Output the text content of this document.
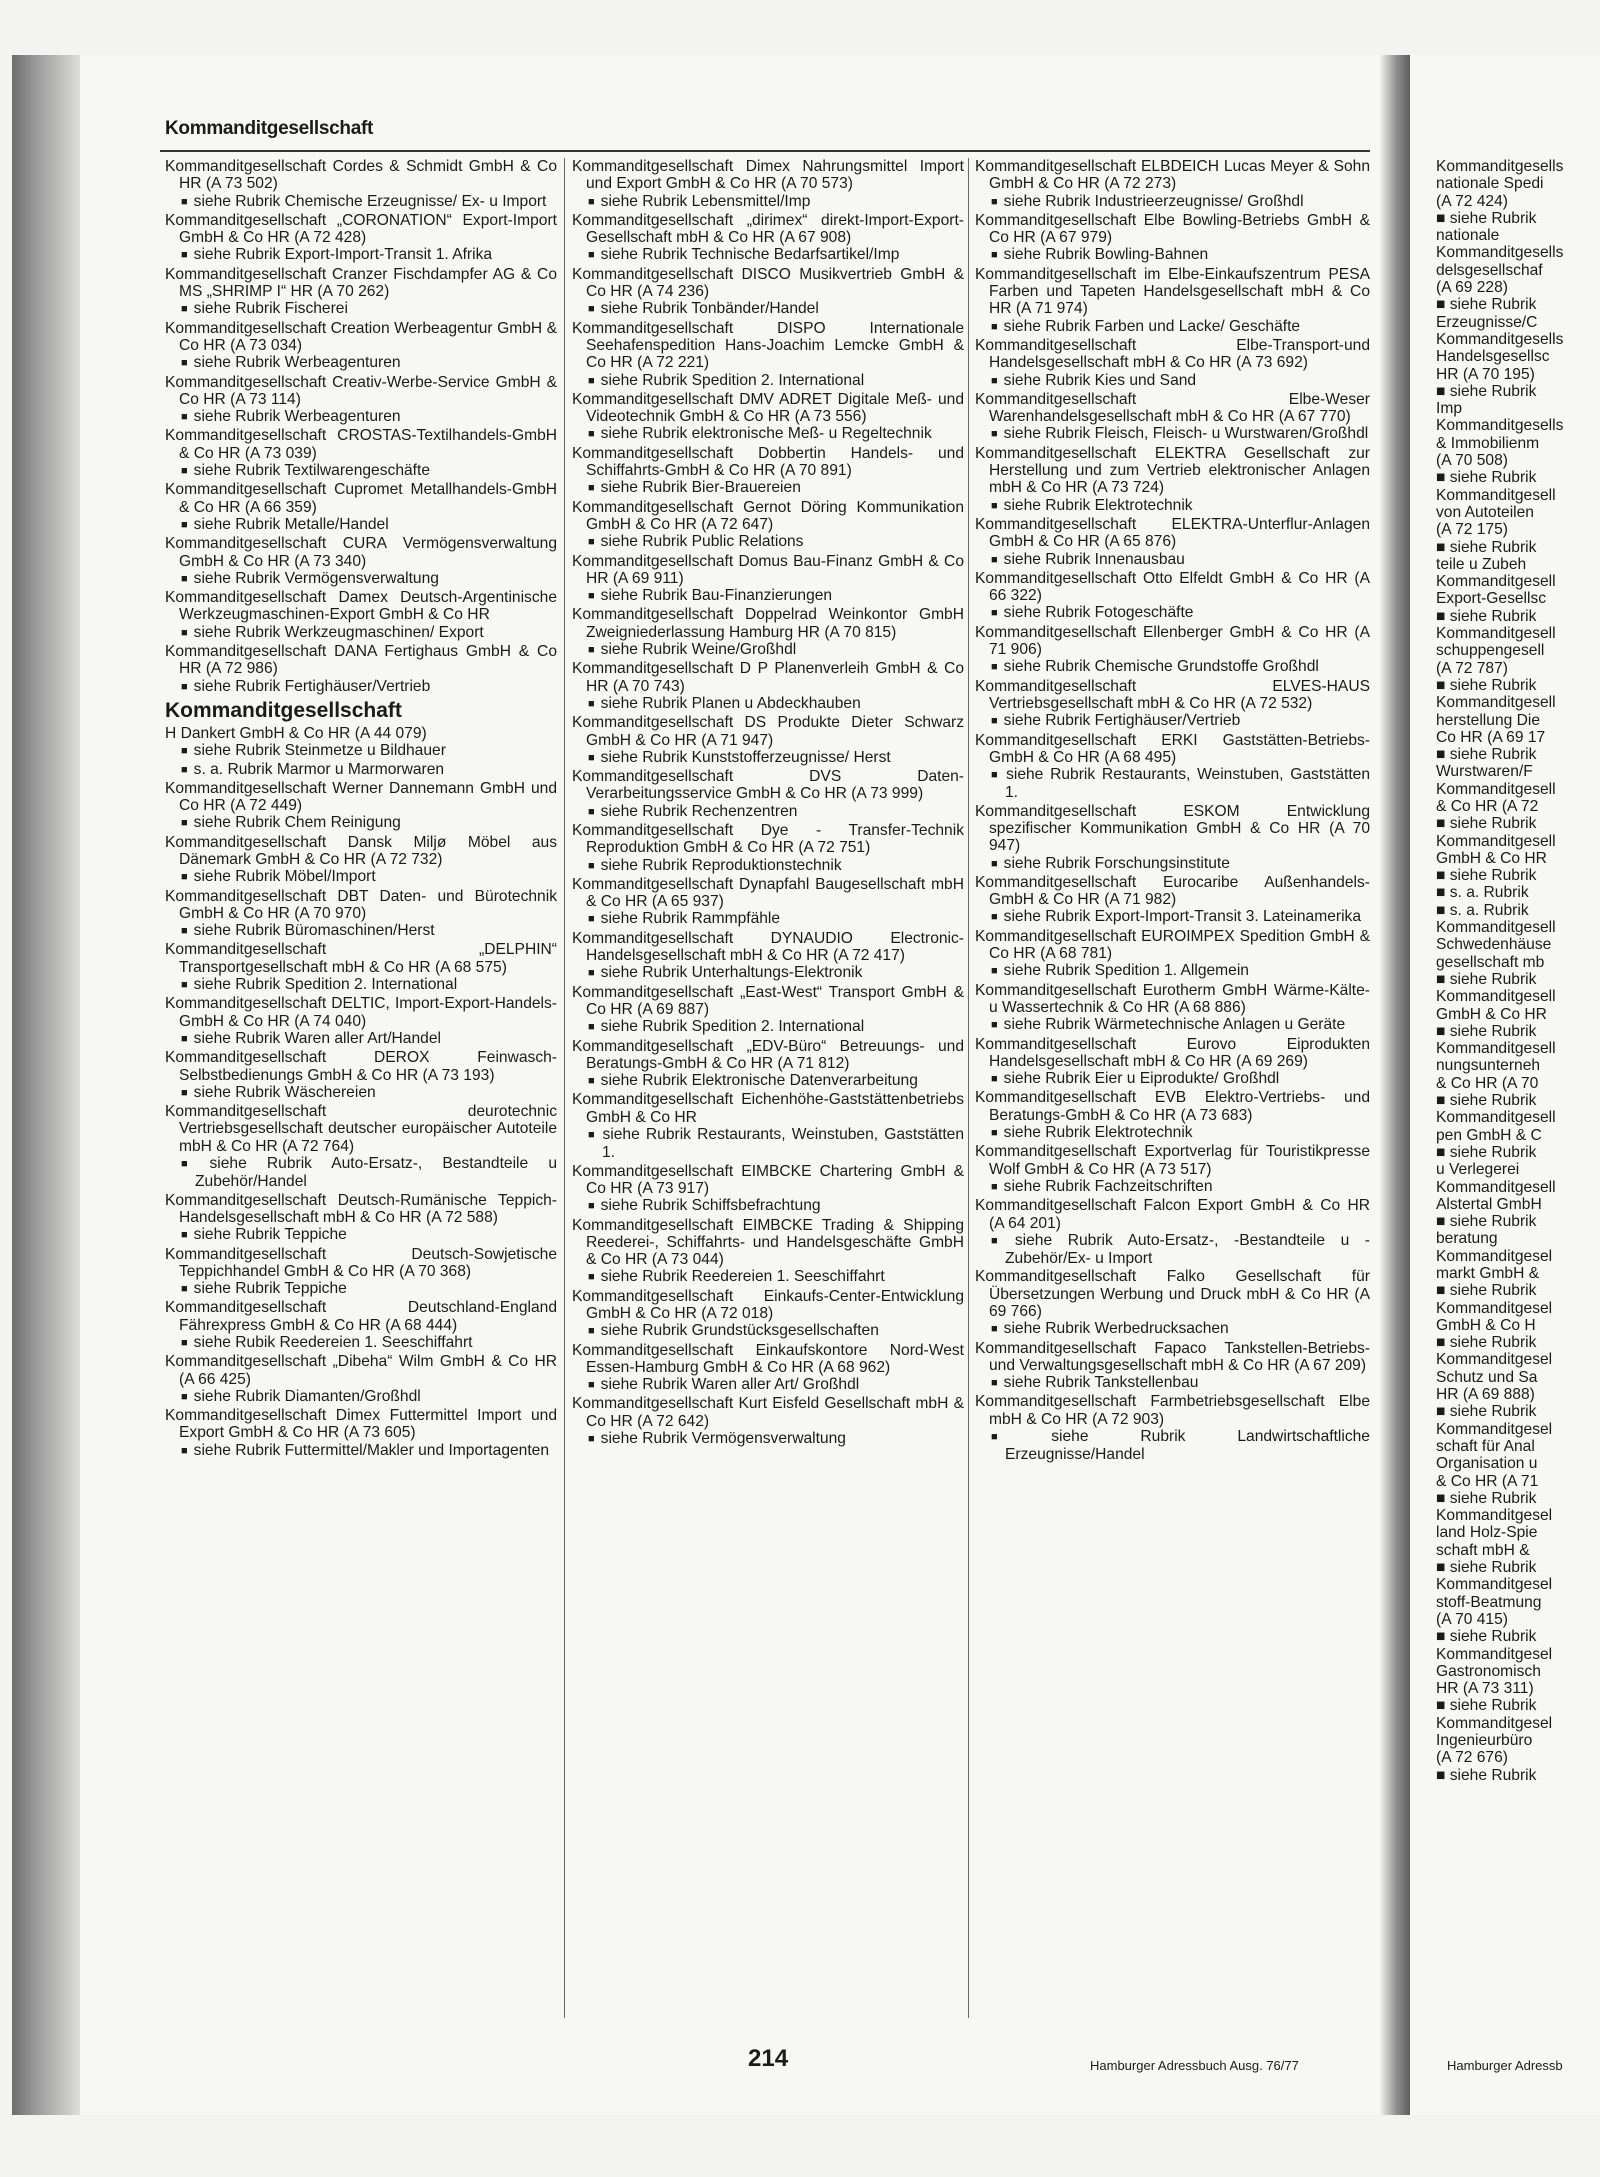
Kommanditgesellschaft
Kommanditgesellschaft Cordes & Schmidt GmbH & Co HR (A 73 502)
■ siehe Rubrik Chemische Erzeugnisse/ Ex- u Import
Kommanditgesellschaft „CORONATION“ Export-Import GmbH & Co HR (A 72 428)
■ siehe Rubrik Export-Import-Transit 1. Afrika
Kommanditgesellschaft Cranzer Fischdampfer AG & Co MS „SHRIMP I“ HR (A 70 262)
■ siehe Rubrik Fischerei
Kommanditgesellschaft Creation Werbeagentur GmbH & Co HR (A 73 034)
■ siehe Rubrik Werbeagenturen
Kommanditgesellschaft Creativ-Werbe-Service GmbH & Co HR (A 73 114)
■ siehe Rubrik Werbeagenturen
Kommanditgesellschaft CROSTAS-Textilhandels-GmbH & Co HR (A 73 039)
■ siehe Rubrik Textilwarengeschäfte
Kommanditgesellschaft Cupromet Metallhandels-GmbH & Co HR (A 66 359)
■ siehe Rubrik Metalle/Handel
Kommanditgesellschaft CURA Vermögensverwaltung GmbH & Co HR (A 73 340)
■ siehe Rubrik Vermögensverwaltung
Kommanditgesellschaft Damex Deutsch-Argentinische Werkzeugmaschinen-Export GmbH & Co HR
■ siehe Rubrik Werkzeugmaschinen/ Export
Kommanditgesellschaft DANA Fertighaus GmbH & Co HR (A 72 986)
■ siehe Rubrik Fertighäuser/Vertrieb
Kommanditgesellschaft
H Dankert GmbH & Co HR (A 44 079)
■ siehe Rubrik Steinmetze u Bildhauer
■ s. a. Rubrik Marmor u Marmorwaren
Kommanditgesellschaft Werner Dannemann GmbH und Co HR (A 72 449)
■ siehe Rubrik Chem Reinigung
Kommanditgesellschaft Dansk Miljø Möbel aus Dänemark GmbH & Co HR (A 72 732)
■ siehe Rubrik Möbel/Import
Kommanditgesellschaft DBT Daten- und Bürotechnik GmbH & Co HR (A 70 970)
■ siehe Rubrik Büromaschinen/Herst
Kommanditgesellschaft „DELPHIN“ Transportgesellschaft mbH & Co HR (A 68 575)
■ siehe Rubrik Spedition 2. International
Kommanditgesellschaft DELTIC, Import-Export-Handels-GmbH & Co HR (A 74 040)
■ siehe Rubrik Waren aller Art/Handel
Kommanditgesellschaft DEROX Feinwasch-Selbstbedienungs GmbH & Co HR (A 73 193)
■ siehe Rubrik Wäschereien
Kommanditgesellschaft deurotechnic Vertriebsgesellschaft deutscher europäischer Autoteile mbH & Co HR (A 72 764)
■ siehe Rubrik Auto-Ersatz-, Bestandteile u Zubehör/Handel
Kommanditgesellschaft Deutsch-Rumänische Teppich-Handelsgesellschaft mbH & Co HR (A 72 588)
■ siehe Rubrik Teppiche
Kommanditgesellschaft Deutsch-Sowjetische Teppichhandel GmbH & Co HR (A 70 368)
■ siehe Rubrik Teppiche
Kommanditgesellschaft Deutschland-England Fährexpress GmbH & Co HR (A 68 444)
■ siehe Rubik Reedereien 1. Seeschiffahrt
Kommanditgesellschaft „Dibeha“ Wilm GmbH & Co HR (A 66 425)
■ siehe Rubrik Diamanten/Großhdl
Kommanditgesellschaft Dimex Futtermittel Import und Export GmbH & Co HR (A 73 605)
■ siehe Rubrik Futtermittel/Makler und Importagenten
Kommanditgesellschaft Dimex Nahrungsmittel Import und Export GmbH & Co HR (A 70 573)
■ siehe Rubrik Lebensmittel/Imp
Kommanditgesellschaft „dirimex“ direkt-Import-Export-Gesellschaft mbH & Co HR (A 67 908)
■ siehe Rubrik Technische Bedarfsartikel/Imp
Kommanditgesellschaft DISCO Musikvertrieb GmbH & Co HR (A 74 236)
■ siehe Rubrik Tonbänder/Handel
Kommanditgesellschaft DISPO Internationale Seehafenspedition Hans-Joachim Lemcke GmbH & Co HR (A 72 221)
■ siehe Rubrik Spedition 2. International
Kommanditgesellschaft DMV ADRET Digitale Meß- und Videotechnik GmbH & Co HR (A 73 556)
■ siehe Rubrik elektronische Meß- u Regeltechnik
Kommanditgesellschaft Dobbertin Handels- und Schiffahrts-GmbH & Co HR (A 70 891)
■ siehe Rubrik Bier-Brauereien
Kommanditgesellschaft Gernot Döring Kommunikation GmbH & Co HR (A 72 647)
■ siehe Rubrik Public Relations
Kommanditgesellschaft Domus Bau-Finanz GmbH & Co HR (A 69 911)
■ siehe Rubrik Bau-Finanzierungen
Kommanditgesellschaft Doppelrad Weinkontor GmbH Zweigniederlassung Hamburg HR (A 70 815)
■ siehe Rubrik Weine/Großhdl
Kommanditgesellschaft D P Planenverleih GmbH & Co HR (A 70 743)
■ siehe Rubrik Planen u Abdeckhauben
Kommanditgesellschaft DS Produkte Dieter Schwarz GmbH & Co HR (A 71 947)
■ siehe Rubrik Kunststofferzeugnisse/ Herst
Kommanditgesellschaft DVS Daten-Verarbeitungsservice GmbH & Co HR (A 73 999)
■ siehe Rubrik Rechenzentren
Kommanditgesellschaft Dye - Transfer-Technik Reproduktion GmbH & Co HR (A 72 751)
■ siehe Rubrik Reproduktionstechnik
Kommanditgesellschaft Dynapfahl Baugesellschaft mbH & Co HR (A 65 937)
■ siehe Rubrik Rammpfähle
Kommanditgesellschaft DYNAUDIO Electronic-Handelsgesellschaft mbH & Co HR (A 72 417)
■ siehe Rubrik Unterhaltungs-Elektronik
Kommanditgesellschaft „East-West“ Transport GmbH & Co HR (A 69 887)
■ siehe Rubrik Spedition 2. International
Kommanditgesellschaft „EDV-Büro“ Betreuungs- und Beratungs-GmbH & Co HR (A 71 812)
■ siehe Rubrik Elektronische Datenverarbeitung
Kommanditgesellschaft Eichenhöhe-Gaststättenbetriebs GmbH & Co HR
■ siehe Rubrik Restaurants, Weinstuben, Gaststätten 1.
Kommanditgesellschaft EIMBCKE Chartering GmbH & Co HR (A 73 917)
■ siehe Rubrik Schiffsbefrachtung
Kommanditgesellschaft EIMBCKE Trading & Shipping Reederei-, Schiffahrts- und Handelsgeschäfte GmbH & Co HR (A 73 044)
■ siehe Rubrik Reedereien 1. Seeschiffahrt
Kommanditgesellschaft Einkaufs-Center-Entwicklung GmbH & Co HR (A 72 018)
■ siehe Rubrik Grundstücksgesellschaften
Kommanditgesellschaft Einkaufskontore Nord-West Essen-Hamburg GmbH & Co HR (A 68 962)
■ siehe Rubrik Waren aller Art/ Großhdl
Kommanditgesellschaft Kurt Eisfeld Gesellschaft mbH & Co HR (A 72 642)
■ siehe Rubrik Vermögensverwaltung
Kommanditgesellschaft ELBDEICH Lucas Meyer & Sohn GmbH & Co HR (A 72 273)
■ siehe Rubrik Industrieerzeugnisse/ Großhdl
Kommanditgesellschaft Elbe Bowling-Betriebs GmbH & Co HR (A 67 979)
■ siehe Rubrik Bowling-Bahnen
Kommanditgesellschaft im Elbe-Einkaufszentrum PESA Farben und Tapeten Handelsgesellschaft mbH & Co HR (A 71 974)
■ siehe Rubrik Farben und Lacke/ Geschäfte
Kommanditgesellschaft Elbe-Transport-und Handelsgesellschaft mbH & Co HR (A 73 692)
■ siehe Rubrik Kies und Sand
Kommanditgesellschaft Elbe-Weser Warenhandelsgesellschaft mbH & Co HR (A 67 770)
■ siehe Rubrik Fleisch, Fleisch- u Wurstwaren/Großhdl
Kommanditgesellschaft ELEKTRA Gesellschaft zur Herstellung und zum Vertrieb elektronischer Anlagen mbH & Co HR (A 73 724)
■ siehe Rubrik Elektrotechnik
Kommanditgesellschaft ELEKTRA-Unterflur-Anlagen GmbH & Co HR (A 65 876)
■ siehe Rubrik Innenausbau
Kommanditgesellschaft Otto Elfeldt GmbH & Co HR (A 66 322)
■ siehe Rubrik Fotogeschäfte
Kommanditgesellschaft Ellenberger GmbH & Co HR (A 71 906)
■ siehe Rubrik Chemische Grundstoffe Großhdl
Kommanditgesellschaft ELVES-HAUS Vertriebsgesellschaft mbH & Co HR (A 72 532)
■ siehe Rubrik Fertighäuser/Vertrieb
Kommanditgesellschaft ERKI Gaststätten-Betriebs-GmbH & Co HR (A 68 495)
■ siehe Rubrik Restaurants, Weinstuben, Gaststätten 1.
Kommanditgesellschaft ESKOM Entwicklung spezifischer Kommunikation GmbH & Co HR (A 70 947)
■ siehe Rubrik Forschungsinstitute
Kommanditgesellschaft Eurocaribe Außenhandels-GmbH & Co HR (A 71 982)
■ siehe Rubrik Export-Import-Transit 3. Lateinamerika
Kommanditgesellschaft EUROIMPEX Spedition GmbH & Co HR (A 68 781)
■ siehe Rubrik Spedition 1. Allgemein
Kommanditgesellschaft Eurotherm GmbH Wärme-Kälte- u Wassertechnik & Co HR (A 68 886)
■ siehe Rubrik Wärmetechnische Anlagen u Geräte
Kommanditgesellschaft Eurovo Eiprodukten Handelsgesellschaft mbH & Co HR (A 69 269)
■ siehe Rubrik Eier u Eiprodukte/ Großhdl
Kommanditgesellschaft EVB Elektro-Vertriebs- und Beratungs-GmbH & Co HR (A 73 683)
■ siehe Rubrik Elektrotechnik
Kommanditgesellschaft Exportverlag für Touristikpresse Wolf GmbH & Co HR (A 73 517)
■ siehe Rubrik Fachzeitschriften
Kommanditgesellschaft Falcon Export GmbH & Co HR (A 64 201)
■ siehe Rubrik Auto-Ersatz-, -Bestandteile u -Zubehör/Ex- u Import
Kommanditgesellschaft Falko Gesellschaft für Übersetzungen Werbung und Druck mbH & Co HR (A 69 766)
■ siehe Rubrik Werbedrucksachen
Kommanditgesellschaft Fapaco Tankstellen-Betriebs- und Verwaltungsgesellschaft mbH & Co HR (A 67 209)
■ siehe Rubrik Tankstellenbau
Kommanditgesellschaft Farmbetriebsgesellschaft Elbe mbH & Co HR (A 72 903)
■ siehe Rubrik Landwirtschaftliche Erzeugnisse/Handel
Kommanditgesells
nationale Spedi
(A 72 424)
■ siehe Rubrik
nationale
Kommanditgesells
delsgesellschaf
(A 69 228)
■ siehe Rubrik
Erzeugnisse/C
Kommanditgesells
Handelsgesellsc
HR (A 70 195)
■ siehe Rubrik
Imp
Kommanditgesells
& Immobilienm
(A 70 508)
■ siehe Rubrik
Kommanditgesell
von Autoteilen
(A 72 175)
■ siehe Rubrik
teile u Zubeh
Kommanditgesell
Export-Gesellsc
■ siehe Rubrik
Kommanditgesell
schuppengesell
(A 72 787)
■ siehe Rubrik
Kommanditgesell
herstellung Die
Co HR (A 69 17
■ siehe Rubrik
Wurstwaren/F
Kommanditgesell
& Co HR (A 72
■ siehe Rubrik
Kommanditgesell
GmbH & Co HR
■ siehe Rubrik
■ s. a. Rubrik
■ s. a. Rubrik
Kommanditgesell
Schwedenhäuse
gesellschaft mb
■ siehe Rubrik
Kommanditgesell
GmbH & Co HR
■ siehe Rubrik
Kommanditgesell
nungsunterneh
& Co HR (A 70
■ siehe Rubrik
Kommanditgesell
pen GmbH & C
■ siehe Rubrik
u Verlegerei
Kommanditgesell
Alstertal GmbH
■ siehe Rubrik
beratung
Kommanditgesel
markt GmbH &
■ siehe Rubrik
Kommanditgesel
GmbH & Co H
■ siehe Rubrik
Kommanditgesel
Schutz und Sa
HR (A 69 888)
■ siehe Rubrik
Kommanditgesel
schaft für Anal
Organisation u
& Co HR (A 71
■ siehe Rubrik
Kommanditgesel
land Holz-Spie
schaft mbH &
■ siehe Rubrik
Kommanditgesel
stoff-Beatmung
(A 70 415)
■ siehe Rubrik
Kommanditgesel
Gastronomisch
HR (A 73 311)
■ siehe Rubrik
Kommanditgesel
Ingenieurbüro
(A 72 676)
■ siehe Rubrik
214	Hamburger Adressbuch Ausg. 76/77	Hamburger Adressb
